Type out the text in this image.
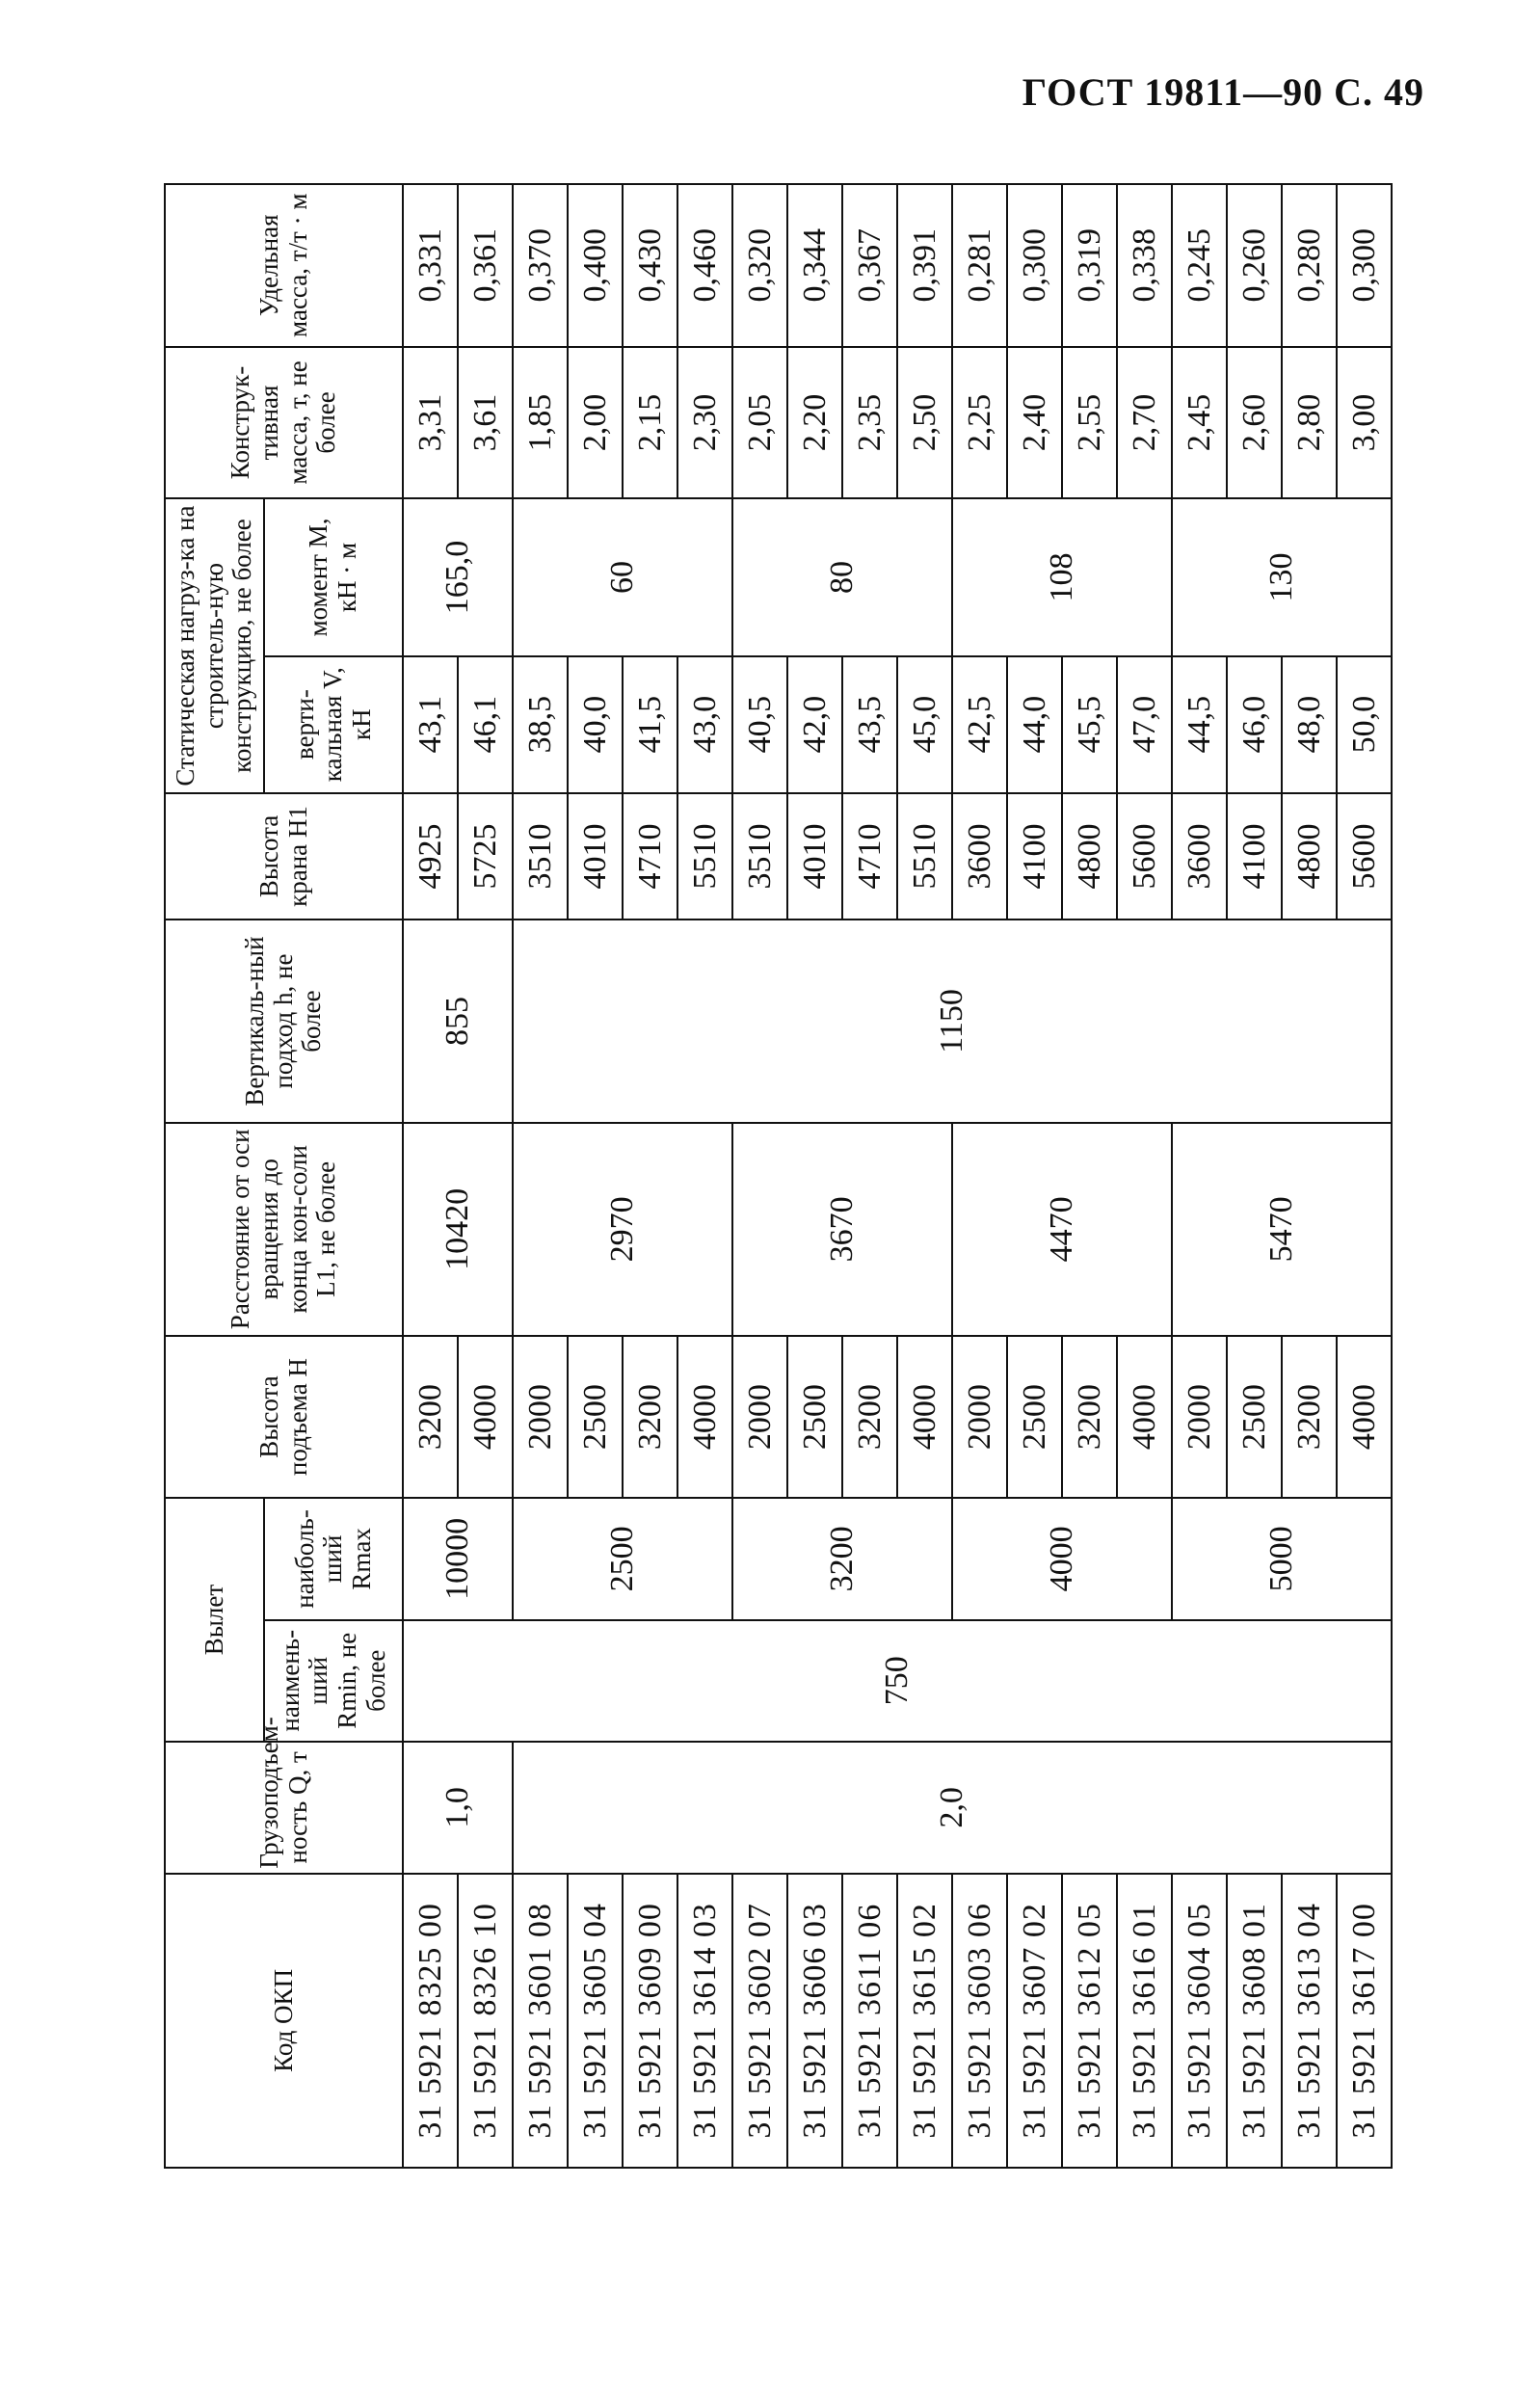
ГОСТ 19811—90 С. 49
Код ОКП	Грузоподъем-ность Q, т	Вылет		Высота подъема H	Расстояние от оси вращения до конца кон-соли L1, не более	Вертикаль-ный подход h, не более	Высота крана H1	Статическая нагруз-ка на строитель-ную конструкцию, не более		Конструк-тивная масса, т, не более	Удельная масса, т/т · м
		наимень-ший Rmin, не более	наиболь-ший Rmax					верти-кальная V, кН	момент M, кН · м		
31 5921 8325 00	1,0	750	10000	3200	10420	855	4925	43,1	165,0	3,31	0,331
31 5921 8326 10				4000			5725	46,1		3,61	0,361
31 5921 3601 08	2,0		2500	2000	2970	1150	3510	38,5	60	1,85	0,370
31 5921 3605 04				2500			4010	40,0		2,00	0,400
31 5921 3609 00				3200			4710	41,5		2,15	0,430
31 5921 3614 03				4000			5510	43,0		2,30	0,460
31 5921 3602 07			3200	2000	3670		3510	40,5	80	2,05	0,320
31 5921 3606 03				2500			4010	42,0		2,20	0,344
31 5921 3611 06				3200			4710	43,5		2,35	0,367
31 5921 3615 02				4000			5510	45,0		2,50	0,391
31 5921 3603 06			4000	2000	4470		3600	42,5	108	2,25	0,281
31 5921 3607 02				2500			4100	44,0		2,40	0,300
31 5921 3612 05				3200			4800	45,5		2,55	0,319
31 5921 3616 01				4000			5600	47,0		2,70	0,338
31 5921 3604 05			5000	2000	5470		3600	44,5	130	2,45	0,245
31 5921 3608 01				2500			4100	46,0		2,60	0,260
31 5921 3613 04				3200			4800	48,0		2,80	0,280
31 5921 3617 00				4000			5600	50,0		3,00	0,300
